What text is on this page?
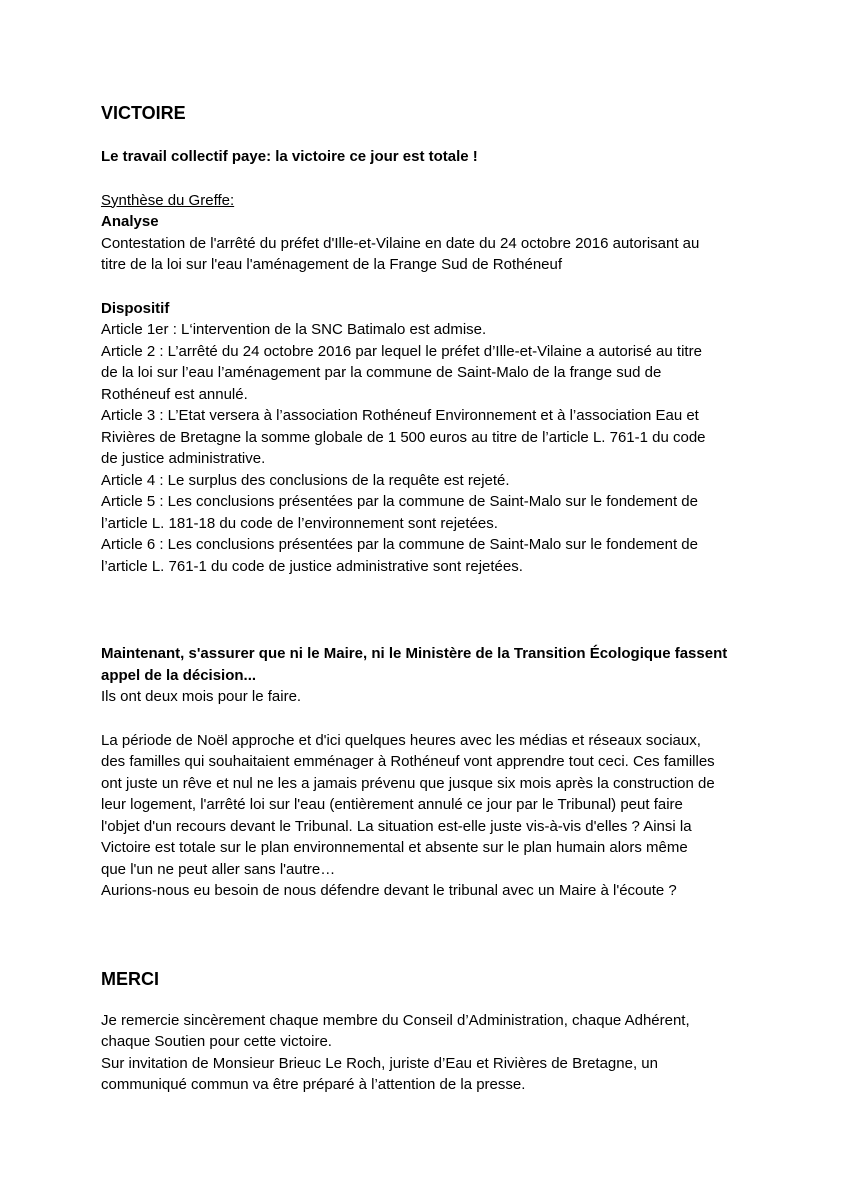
VICTOIRE
Le travail collectif paye: la victoire ce jour est totale !
Synthèse du Greffe:
Analyse
Contestation de l'arrêté du préfet d'Ille-et-Vilaine en date du 24 octobre 2016 autorisant au
titre de la loi sur l'eau l'aménagement de la Frange Sud de Rothéneuf
Dispositif
Article 1er : L‘intervention de la SNC Batimalo est admise.
Article 2 : L’arrêté du 24 octobre 2016 par lequel le préfet d’Ille-et-Vilaine a autorisé au titre
de la loi sur l’eau l’aménagement par la commune de Saint-Malo de la frange sud de
Rothéneuf est annulé.
Article 3 : L’Etat versera à l’association Rothéneuf Environnement et à l’association Eau et
Rivières de Bretagne la somme globale de 1 500 euros au titre de l’article L. 761-1 du code
de justice administrative.
Article 4 : Le surplus des conclusions de la requête est rejeté.
Article 5 : Les conclusions présentées par la commune de Saint-Malo sur le fondement de
l’article L. 181-18 du code de l’environnement sont rejetées.
Article 6 : Les conclusions présentées par la commune de Saint-Malo sur le fondement de
l’article L. 761-1 du code de justice administrative sont rejetées.
Maintenant, s'assurer que ni le Maire, ni le Ministère de la Transition Écologique fassent
appel de la décision...
Ils ont deux mois pour le faire.
La période de Noël approche et d'ici quelques heures avec les médias et réseaux sociaux,
des familles qui souhaitaient emménager à Rothéneuf vont apprendre tout ceci. Ces familles
ont juste un rêve et nul ne les a jamais prévenu que jusque six mois après la construction de
leur logement, l'arrêté loi sur l'eau (entièrement annulé ce jour par le Tribunal) peut faire
l'objet d'un recours devant le Tribunal. La situation est-elle juste vis-à-vis d'elles ? Ainsi la
Victoire est totale sur le plan environnemental et absente sur le plan humain alors même
que l'un ne peut aller sans l'autre…
Aurions-nous eu besoin de nous défendre devant le tribunal avec un Maire à l'écoute ?
MERCI
Je remercie sincèrement chaque membre du Conseil d’Administration, chaque Adhérent,
chaque Soutien pour cette victoire.
Sur invitation de Monsieur Brieuc Le Roch, juriste d’Eau et Rivières de Bretagne, un
communiqué commun va être préparé à l’attention de la presse.
